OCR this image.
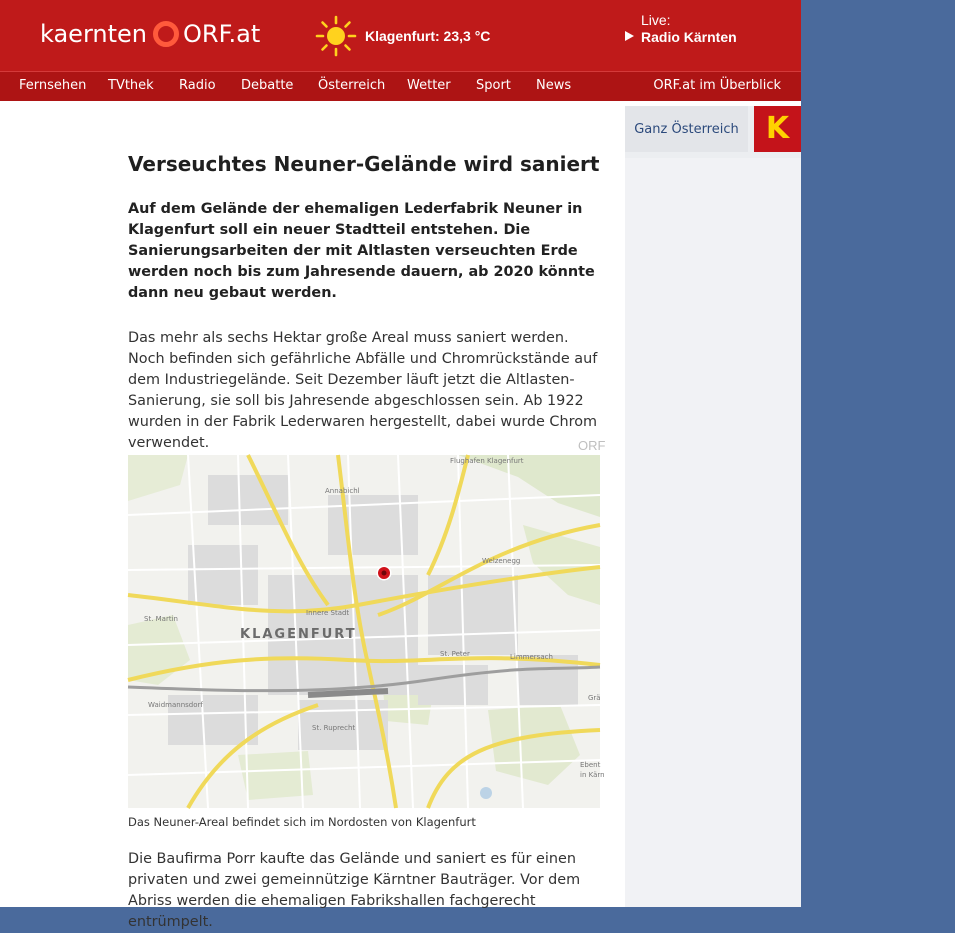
kaernten ORF.at	Klagenfurt: 23,3 °C
Live:
Radio Kärnten
Fernsehen TVthek Radio Debatte Österreich Wetter Sport News	ORF.at im Überblick
Ganz Österreich K
Verseuchtes Neuner-Gelände wird saniert

Auf dem Gelände der ehemaligen Lederfabrik Neuner in Klagenfurt soll ein neuer Stadtteil entstehen. Die Sanierungsarbeiten der mit Altlasten verseuchten Erde werden noch bis zum Jahresende dauern, ab 2020 könnte dann neu gebaut werden.

Das mehr als sechs Hektar große Areal muss saniert werden. Noch befinden sich gefährliche Abfälle und Chromrückstände auf dem Industriegelände. Seit Dezember läuft jetzt die Altlasten-Sanierung, sie soll bis Jahresende abgeschlossen sein. Ab 1922 wurden in der Fabrik Lederwaren hergestellt, dabei wurde Chrom verwendet.	ORF
Flughafen Klagenfurt
Annabichl
Welzenegg
Innere Stadt
St. Martin
St. Peter	Limmersach
Waidmannsdorf
St. Ruprecht
Ebent
in Kärn
Grä
KLAGENFURT
Das Neuner-Areal befindet sich im Nordosten von Klagenfurt

Die Baufirma Porr kaufte das Gelände und saniert es für einen privaten und zwei gemeinnützige Kärntner Bauträger. Vor dem Abriss werden die ehemaligen Fabrikshallen fachgerecht entrümpelt.
